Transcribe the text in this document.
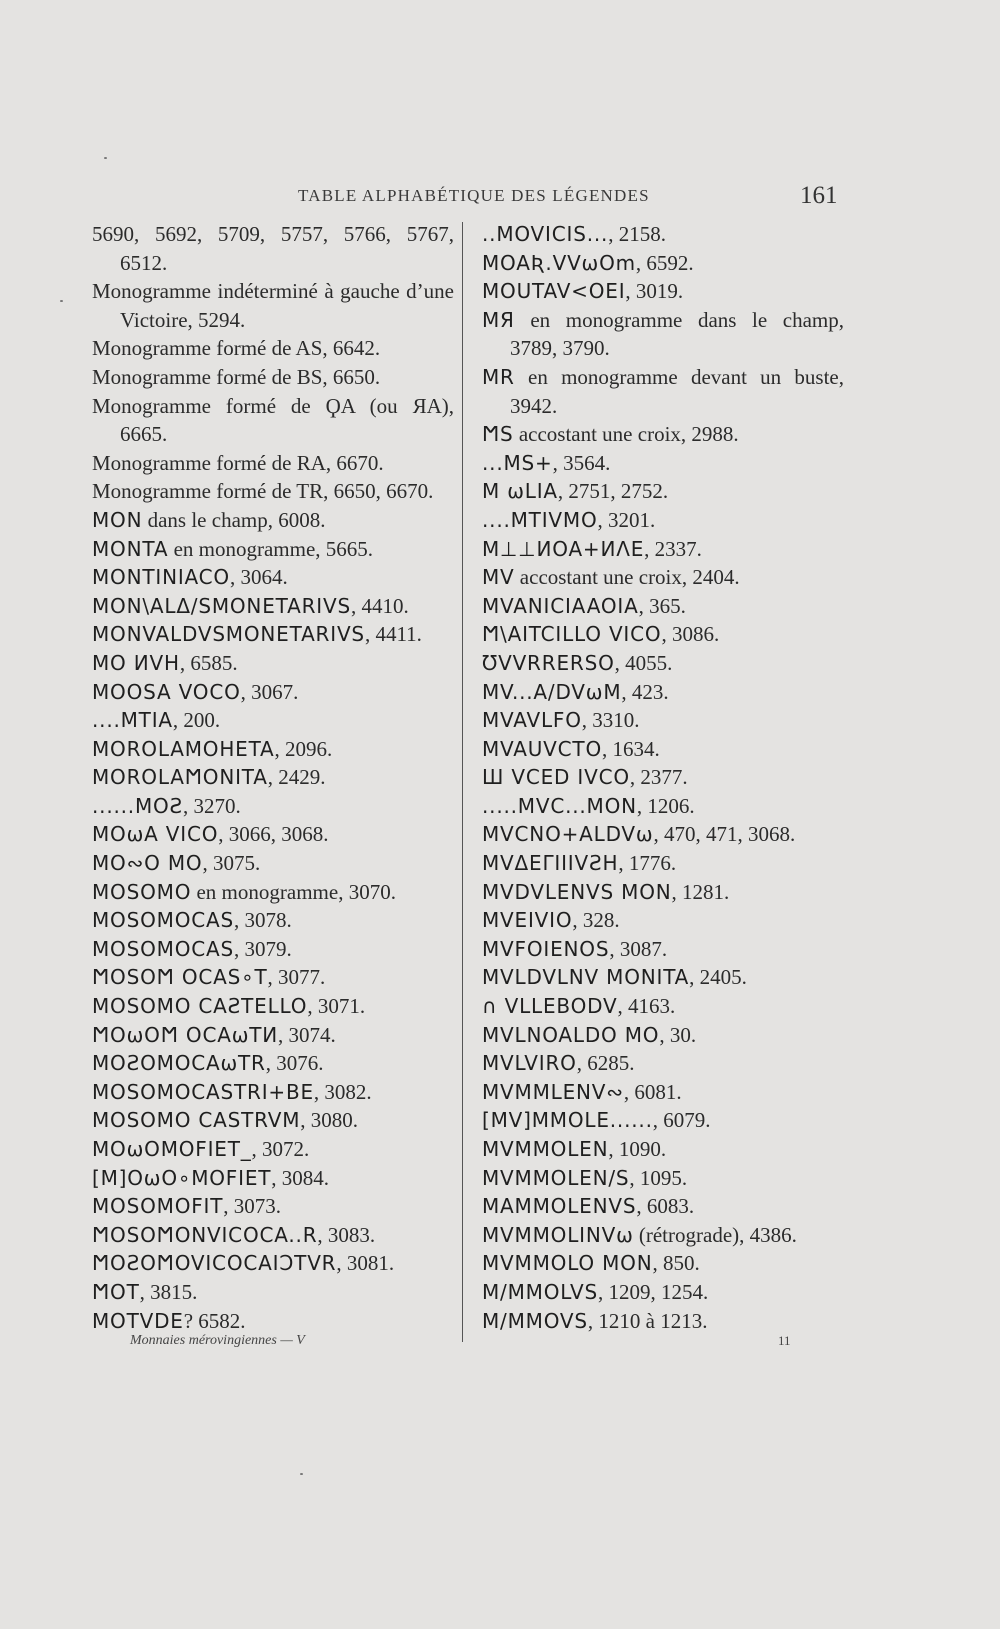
TABLE ALPHABÉTIQUE DES LÉGENDES	161

5690, 5692, 5709, 5757, 5766, 5767, 6512.

Monogramme indéterminé à gauche d’une Victoire, 5294.

Monogramme formé de AS, 6642.

Monogramme formé de BS, 6650.

Monogramme formé de ϘA (ou ЯA), 6665.

Monogramme formé de RA, 6670.

Monogramme formé de TR, 6650, 6670.

MON dans le champ, 6008.

MONTA en monogramme, 5665.

MONTINIACO, 3064.

MON\ALΔ/SMONETARIVS, 4410.

MONVALDVSMONETARIVS, 4411.

MO ИVH, 6585.

MOOSA VOCO, 3067.

....MTIA, 200.

MOROLAMOHETA, 2096.

MOROLAϺONITA, 2429.

......MOƧ, 3270.

MOωA VICO, 3066, 3068.

MO∾O MO, 3075.

MOSOMO en monogramme, 3070.

MOSOMOCAS, 3078.

MOSOMOCAS, 3079.

ϺOSOϺ OCAS∘T, 3077.

MOSOMO CAƧTELLO, 3071.

ϺOωOϺ OCAωTИ, 3074.

MOƧOMOCAωTR, 3076.

MOSOMOCASTRI+BE, 3082.

MOSOMO CASTRVM, 3080.

MOωOMOFIET_, 3072.

[M]OωO∘MOFIET, 3084.

MOSOMOFIT, 3073.

ϺOSOϺONVICOCA..R, 3083.

ϺOƧOϺOVICOCAIƆTVR, 3081.

ϺOT, 3815.

MOTVDE? 6582.

..MOVICIS..., 2158.

MOAƦ.VVωOm, 6592.

MOUTAV<OEI, 3019.

MЯ en monogramme dans le champ, 3789, 3790.

MR en monogramme devant un buste, 3942.

ϺS accostant une croix, 2988.

...MS+, 3564.

M ωLIA, 2751, 2752.

....MTIVMO, 3201.

M⊥⊥ИOA+ИΛE, 2337.

MV accostant une croix, 2404.

MVANICIAAOIA, 365.

Ϻ\AITCILLO VICO, 3086.

ƱVVRRERSO, 4055.

MV...A/DVωM, 423.

MVAVLFO, 3310.

MVAUVCTO, 1634.

Ш VCED IVCO, 2377.

.....MVC...MON, 1206.

MVCNO+ALDVω, 470, 471, 3068.

MVΔEΓIIIVƧH, 1776.

MVDVLENVS MON, 1281.

MVEIVIO, 328.

MVFOIENOS, 3087.

MVLDVLNV MONITA, 2405.

∩ VLLEBODV, 4163.

MVLNOALDO MO, 30.

MVLVIRO, 6285.

MVMMLENV∾, 6081.

[MV]MMOLE......, 6079.

MVMMOLEN, 1090.

MVMMOLEN/S, 1095.

MAMMOLENVS, 6083.

MVMMOLINVω (rétrograde), 4386.

MVMMOLO MON, 850.

M/MMOLVS, 1209, 1254.

M/MMOVS, 1210 à 1213.

Monnaies mérovingiennes — V	11
